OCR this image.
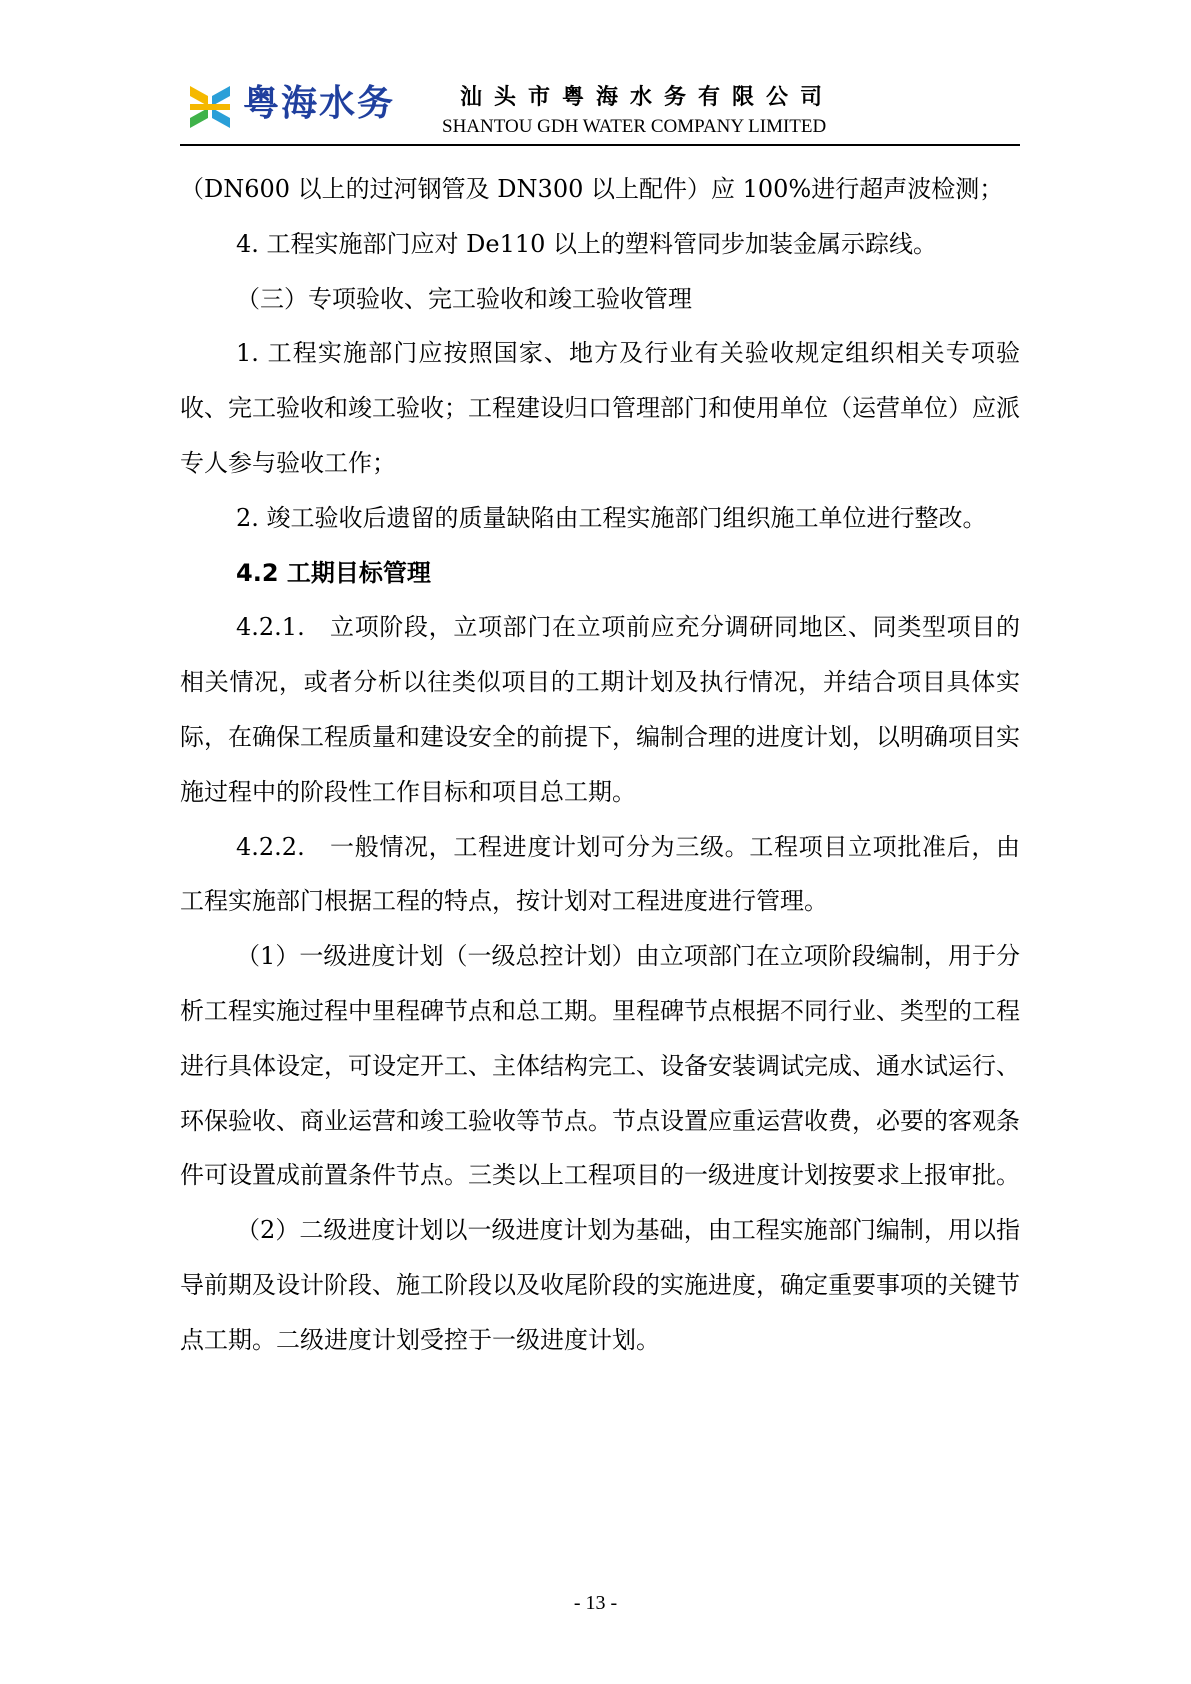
粤海水务	汕头市粤海水务有限公司
SHANTOU GDH WATER COMPANY LIMITED

（DN600 以上的过河钢管及 DN300 以上配件）应 100%进行超声波检测；

4. 工程实施部门应对 De110 以上的塑料管同步加装金属示踪线。

（三）专项验收、完工验收和竣工验收管理

1. 工程实施部门应按照国家、地方及行业有关验收规定组织相关专项验收、完工验收和竣工验收；工程建设归口管理部门和使用单位（运营单位）应派专人参与验收工作；

2. 竣工验收后遗留的质量缺陷由工程实施部门组织施工单位进行整改。

4.2 工期目标管理

4.2.1.　立项阶段，立项部门在立项前应充分调研同地区、同类型项目的相关情况，或者分析以往类似项目的工期计划及执行情况，并结合项目具体实际，在确保工程质量和建设安全的前提下，编制合理的进度计划，以明确项目实施过程中的阶段性工作目标和项目总工期。

4.2.2.　一般情况，工程进度计划可分为三级。工程项目立项批准后，由工程实施部门根据工程的特点，按计划对工程进度进行管理。

（1）一级进度计划（一级总控计划）由立项部门在立项阶段编制，用于分析工程实施过程中里程碑节点和总工期。里程碑节点根据不同行业、类型的工程进行具体设定，可设定开工、主体结构完工、设备安装调试完成、通水试运行、环保验收、商业运营和竣工验收等节点。节点设置应重运营收费，必要的客观条件可设置成前置条件节点。三类以上工程项目的一级进度计划按要求上报审批。

（2）二级进度计划以一级进度计划为基础，由工程实施部门编制，用以指导前期及设计阶段、施工阶段以及收尾阶段的实施进度，确定重要事项的关键节点工期。二级进度计划受控于一级进度计划。

- 13 -
